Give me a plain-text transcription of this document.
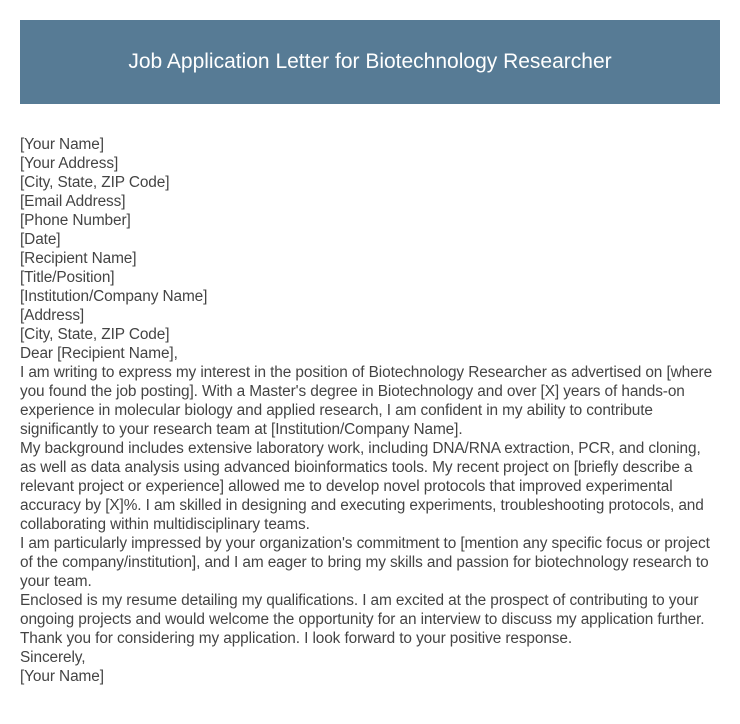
Job Application Letter for Biotechnology Researcher
[Your Name]
[Your Address]
[City, State, ZIP Code]
[Email Address]
[Phone Number]
[Date]
[Recipient Name]
[Title/Position]
[Institution/Company Name]
[Address]
[City, State, ZIP Code]
Dear [Recipient Name],

I am writing to express my interest in the position of Biotechnology Researcher as advertised on [where you found the job posting]. With a Master's degree in Biotechnology and over [X] years of hands-on experience in molecular biology and applied research, I am confident in my ability to contribute significantly to your research team at [Institution/Company Name].

My background includes extensive laboratory work, including DNA/RNA extraction, PCR, and cloning, as well as data analysis using advanced bioinformatics tools. My recent project on [briefly describe a relevant project or experience] allowed me to develop novel protocols that improved experimental accuracy by [X]%. I am skilled in designing and executing experiments, troubleshooting protocols, and collaborating within multidisciplinary teams.

I am particularly impressed by your organization's commitment to [mention any specific focus or project of the company/institution], and I am eager to bring my skills and passion for biotechnology research to your team.

Enclosed is my resume detailing my qualifications. I am excited at the prospect of contributing to your ongoing projects and would welcome the opportunity for an interview to discuss my application further.

Thank you for considering my application. I look forward to your positive response.

Sincerely,
[Your Name]
